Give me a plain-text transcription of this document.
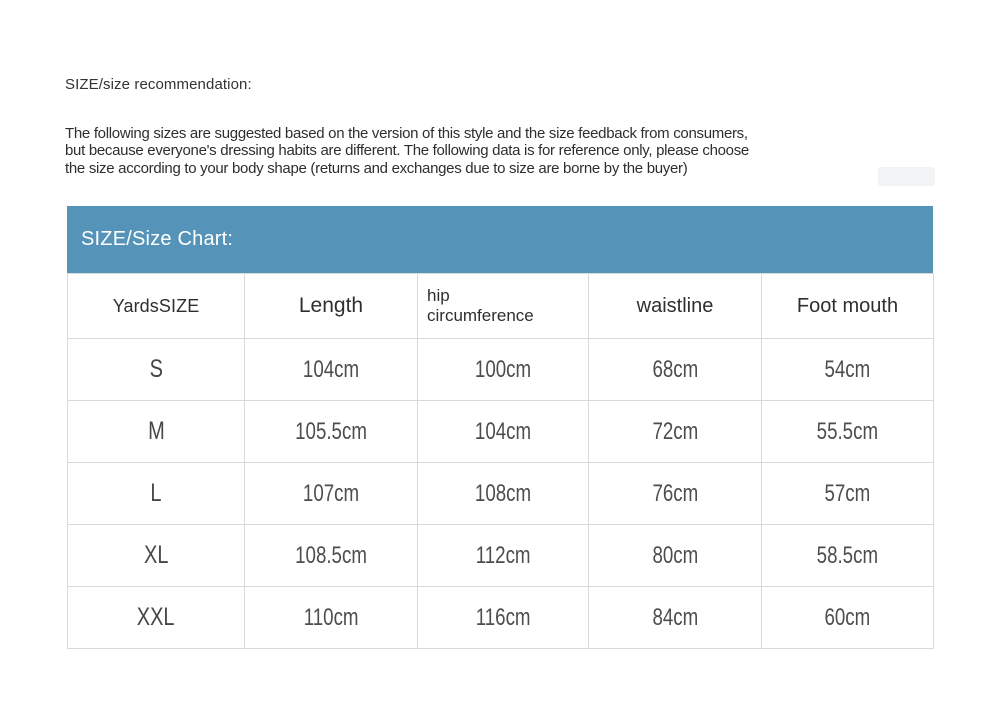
SIZE/size recommendation:
The following sizes are suggested based on the version of this style and the size feedback from consumers,
but because everyone's dressing habits are different. The following data is for reference only, please choose
the size according to your body shape (returns and exchanges due to size are borne by the buyer)
SIZE/Size Chart:
YardsSIZE	Length	hip circumference	waistline	Foot mouth
S	104cm	100cm	68cm	54cm
M	105.5cm	104cm	72cm	55.5cm
L	107cm	108cm	76cm	57cm
XL	108.5cm	112cm	80cm	58.5cm
XXL	110cm	116cm	84cm	60cm
